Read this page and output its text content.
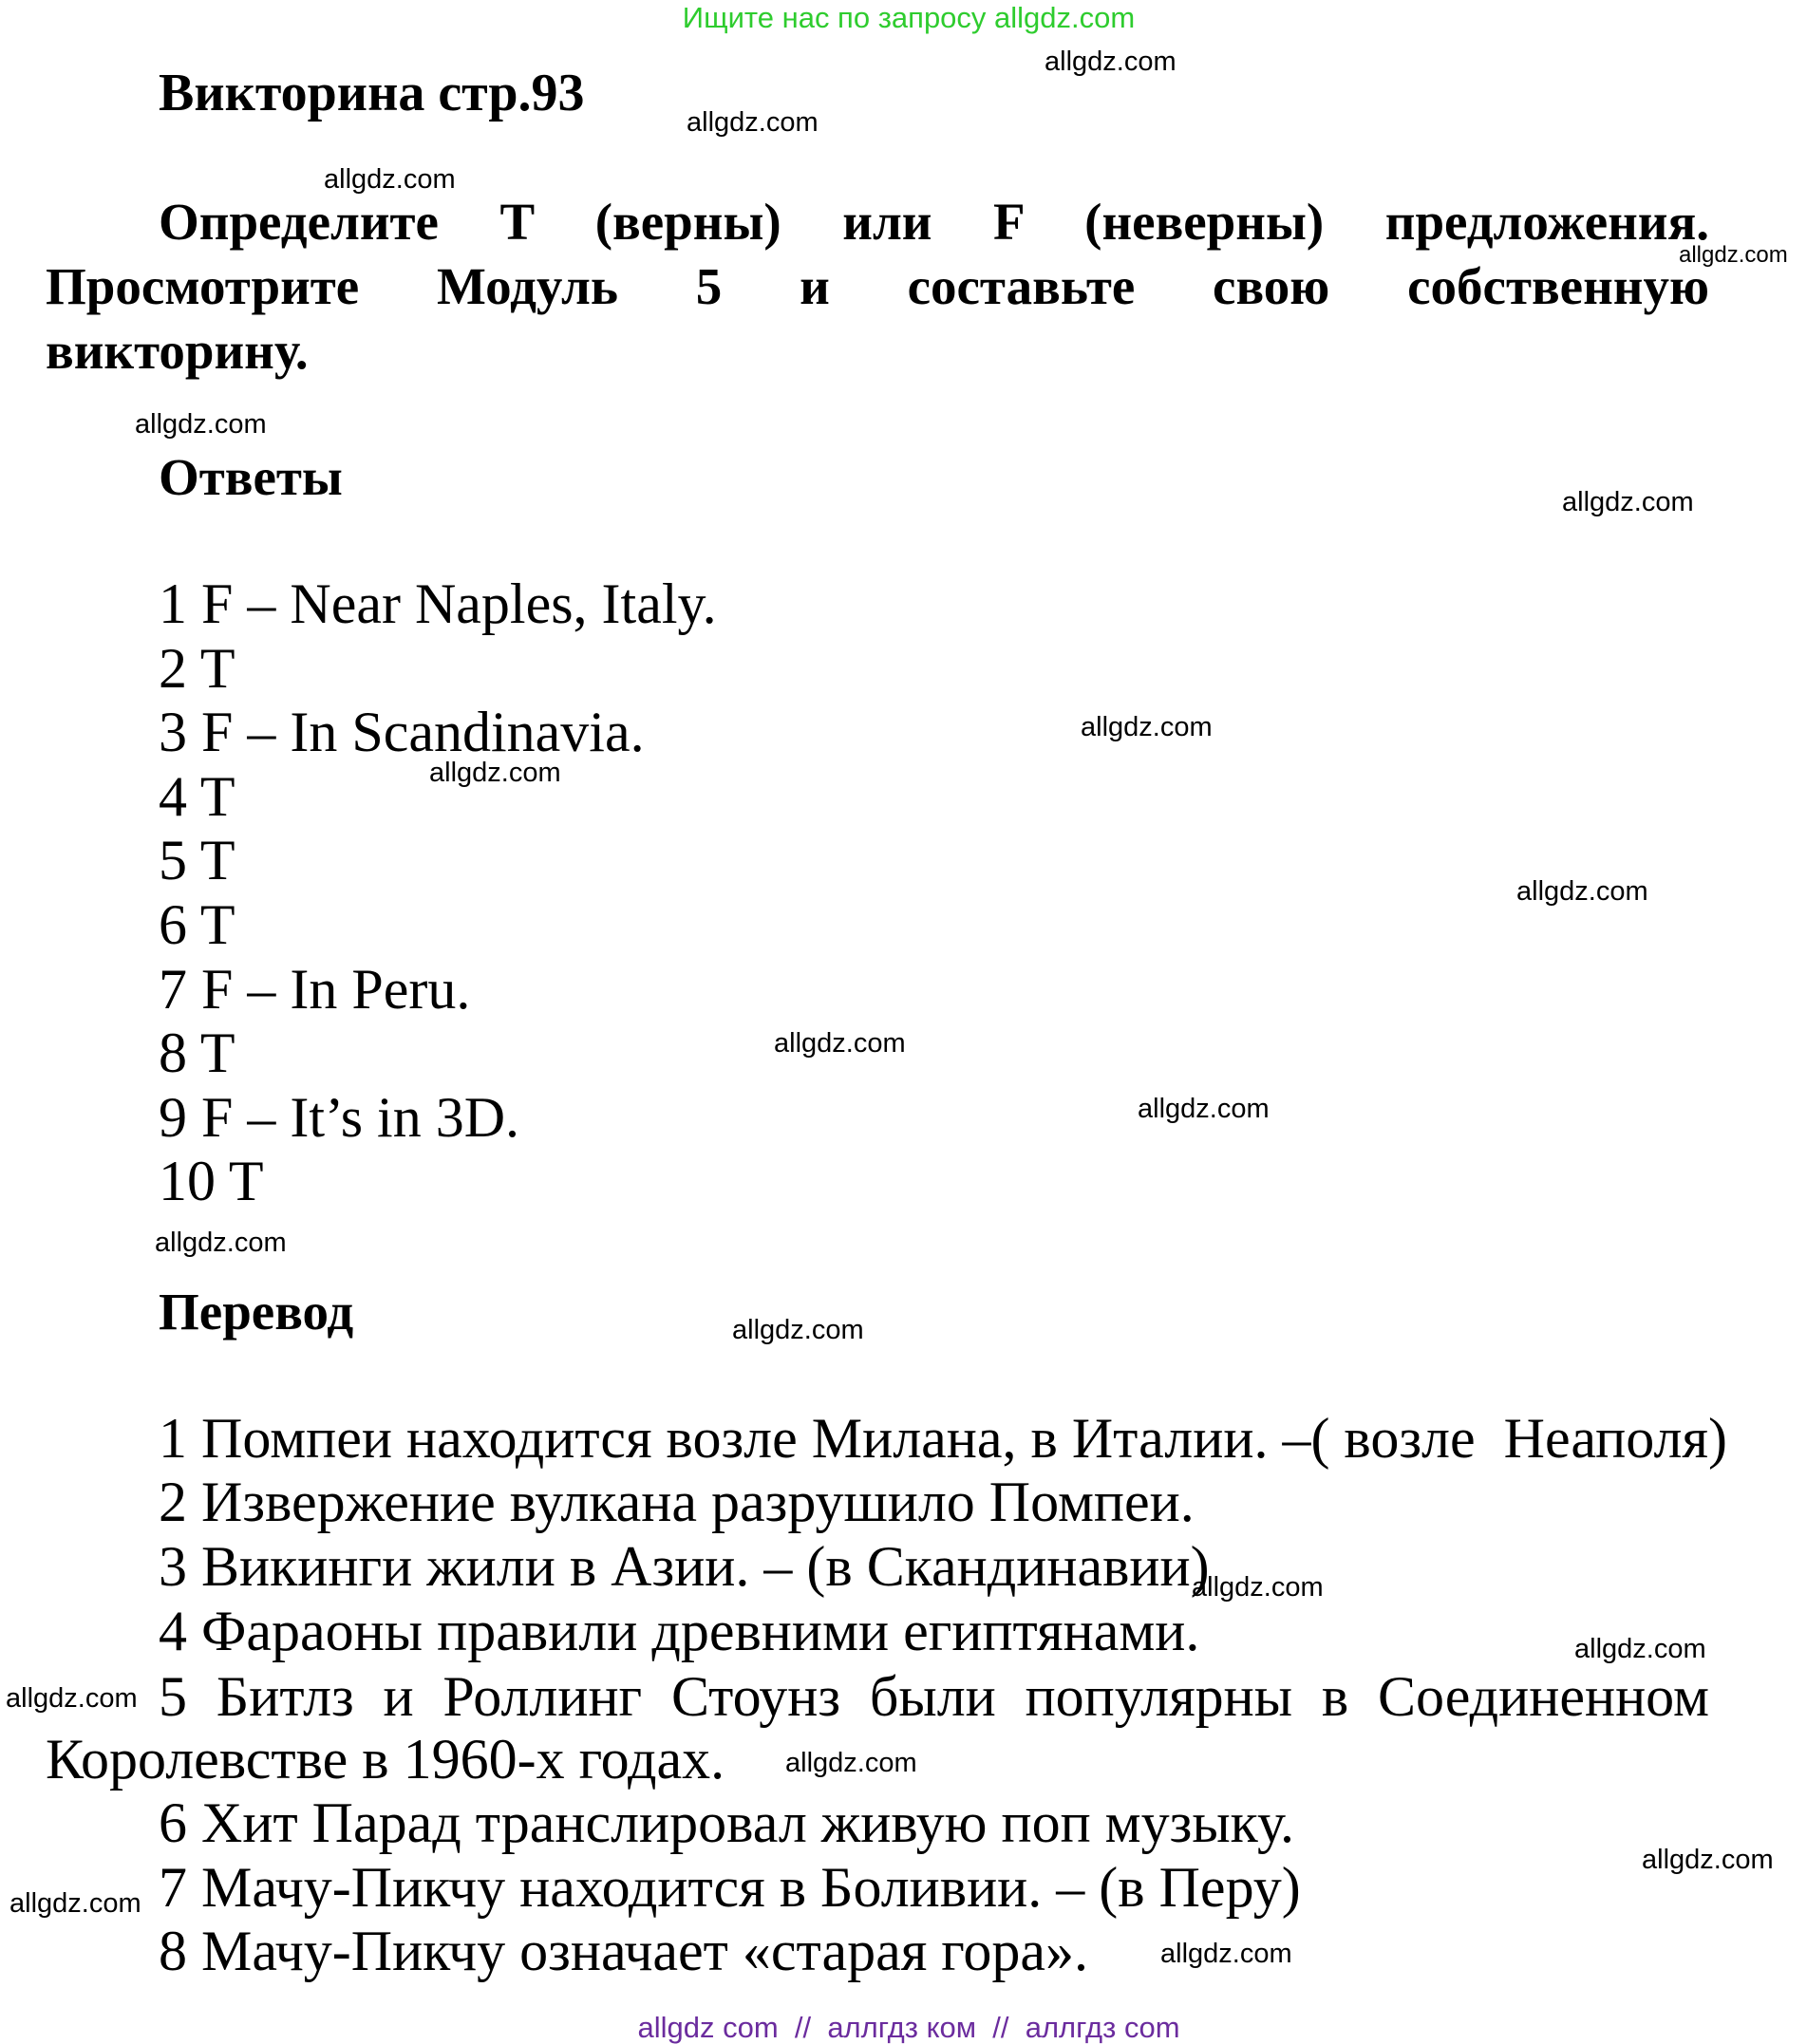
Ищите нас по запросу allgdz.com
Викторина стр.93
Определите T (верны) или F (неверны) предложения.
Просмотрите Модуль 5 и составьте свою собственную
викторину.
Ответы
1 F – Near Naples, Italy.
2 T
3 F – In Scandinavia.
4 T
5 T
6 T
7 F – In Peru.
8 T
9 F – It’s in 3D.
10 T
Перевод
1 Помпеи находится возле Милана, в Италии. –( возле  Неаполя)
2 Извержение вулкана разрушило Помпеи.
3 Викинги жили в Азии. – (в Скандинавии)
4 Фараоны правили древними египтянами.
5 Битлз и Роллинг Стоунз были популярны в Соединенном
Королевстве в 1960-х годах.
6 Хит Парад транслировал живую поп музыку.
7 Мачу-Пикчу находится в Боливии. – (в Перу)
8 Мачу-Пикчу означает «старая гора».
allgdz.com
allgdz.com
allgdz.com
allgdz.com
allgdz.com
allgdz.com
allgdz.com
allgdz.com
allgdz.com
allgdz.com
allgdz.com
allgdz.com
allgdz.com
allgdz.com
allgdz.com
allgdz.com
allgdz.com
allgdz.com
allgdz.com
allgdz.com
allgdz com  //  аллгдз ком  //  аллгдз com
